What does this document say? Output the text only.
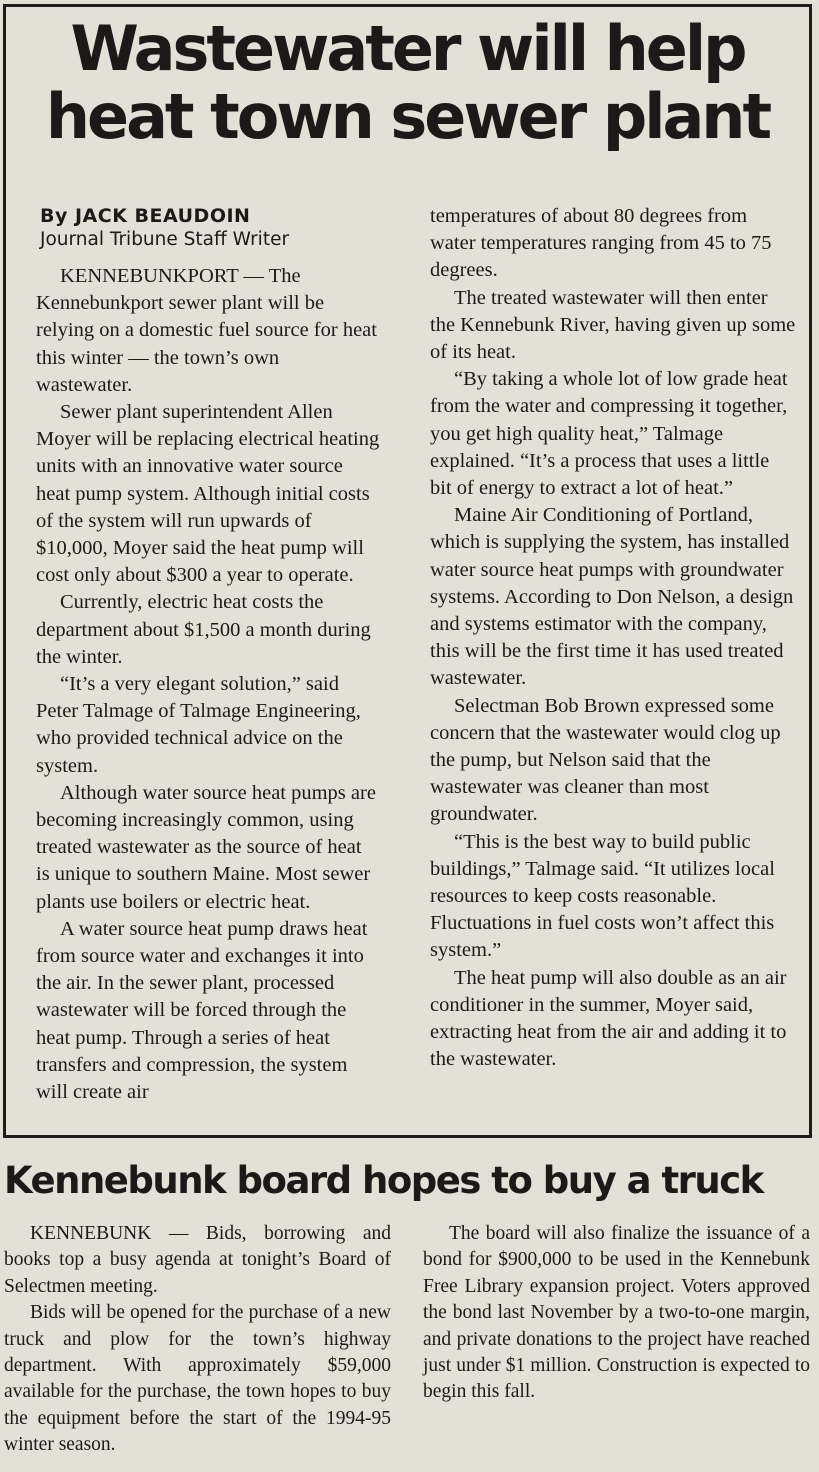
Wastewater will help
heat town sewer plant
By JACK BEAUDOIN
Journal Tribune Staff Writer

KENNEBUNKPORT — The Kennebunkport sewer plant will be relying on a domestic fuel source for heat this winter — the town’s own wastewater.

Sewer plant superintendent Allen Moyer will be replacing electrical heating units with an innovative water source heat pump system. Although initial costs of the system will run upwards of $10,000, Moyer said the heat pump will cost only about $300 a year to operate.

Currently, electric heat costs the department about $1,500 a month during the winter.

“It’s a very elegant solution,” said Peter Talmage of Talmage Engineering, who provided technical advice on the system.

Although water source heat pumps are becoming increasingly common, using treated wastewater as the source of heat is unique to southern Maine. Most sewer plants use boilers or electric heat.

A water source heat pump draws heat from source water and exchanges it into the air. In the sewer plant, processed wastewater will be forced through the heat pump. Through a series of heat transfers and compression, the system will create air

temperatures of about 80 degrees from water temperatures ranging from 45 to 75 degrees.

The treated wastewater will then enter the Kennebunk River, having given up some of its heat.

“By taking a whole lot of low grade heat from the water and compressing it together, you get high quality heat,” Talmage explained. “It’s a process that uses a little bit of energy to extract a lot of heat.”

Maine Air Conditioning of Portland, which is supplying the system, has installed water source heat pumps with groundwater systems. According to Don Nelson, a design and systems estimator with the company, this will be the first time it has used treated wastewater.

Selectman Bob Brown expressed some concern that the wastewater would clog up the pump, but Nelson said that the wastewater was cleaner than most groundwater.

“This is the best way to build public buildings,” Talmage said. “It utilizes local resources to keep costs reasonable. Fluctuations in fuel costs won’t affect this system.”

The heat pump will also double as an air conditioner in the summer, Moyer said, extracting heat from the air and adding it to the wastewater.

Kennebunk board hopes to buy a truck

KENNEBUNK — Bids, borrowing and books top a busy agenda at tonight’s Board of Selectmen meeting.

Bids will be opened for the purchase of a new truck and plow for the town’s highway department. With approximately $59,000 available for the purchase, the town hopes to buy the equipment before the start of the 1994-95 winter season.

The board will also finalize the issuance of a bond for $900,000 to be used in the Kennebunk Free Library expansion project. Voters approved the bond last November by a two-to-one margin, and private donations to the project have reached just under $1 million. Construction is expected to begin this fall.
